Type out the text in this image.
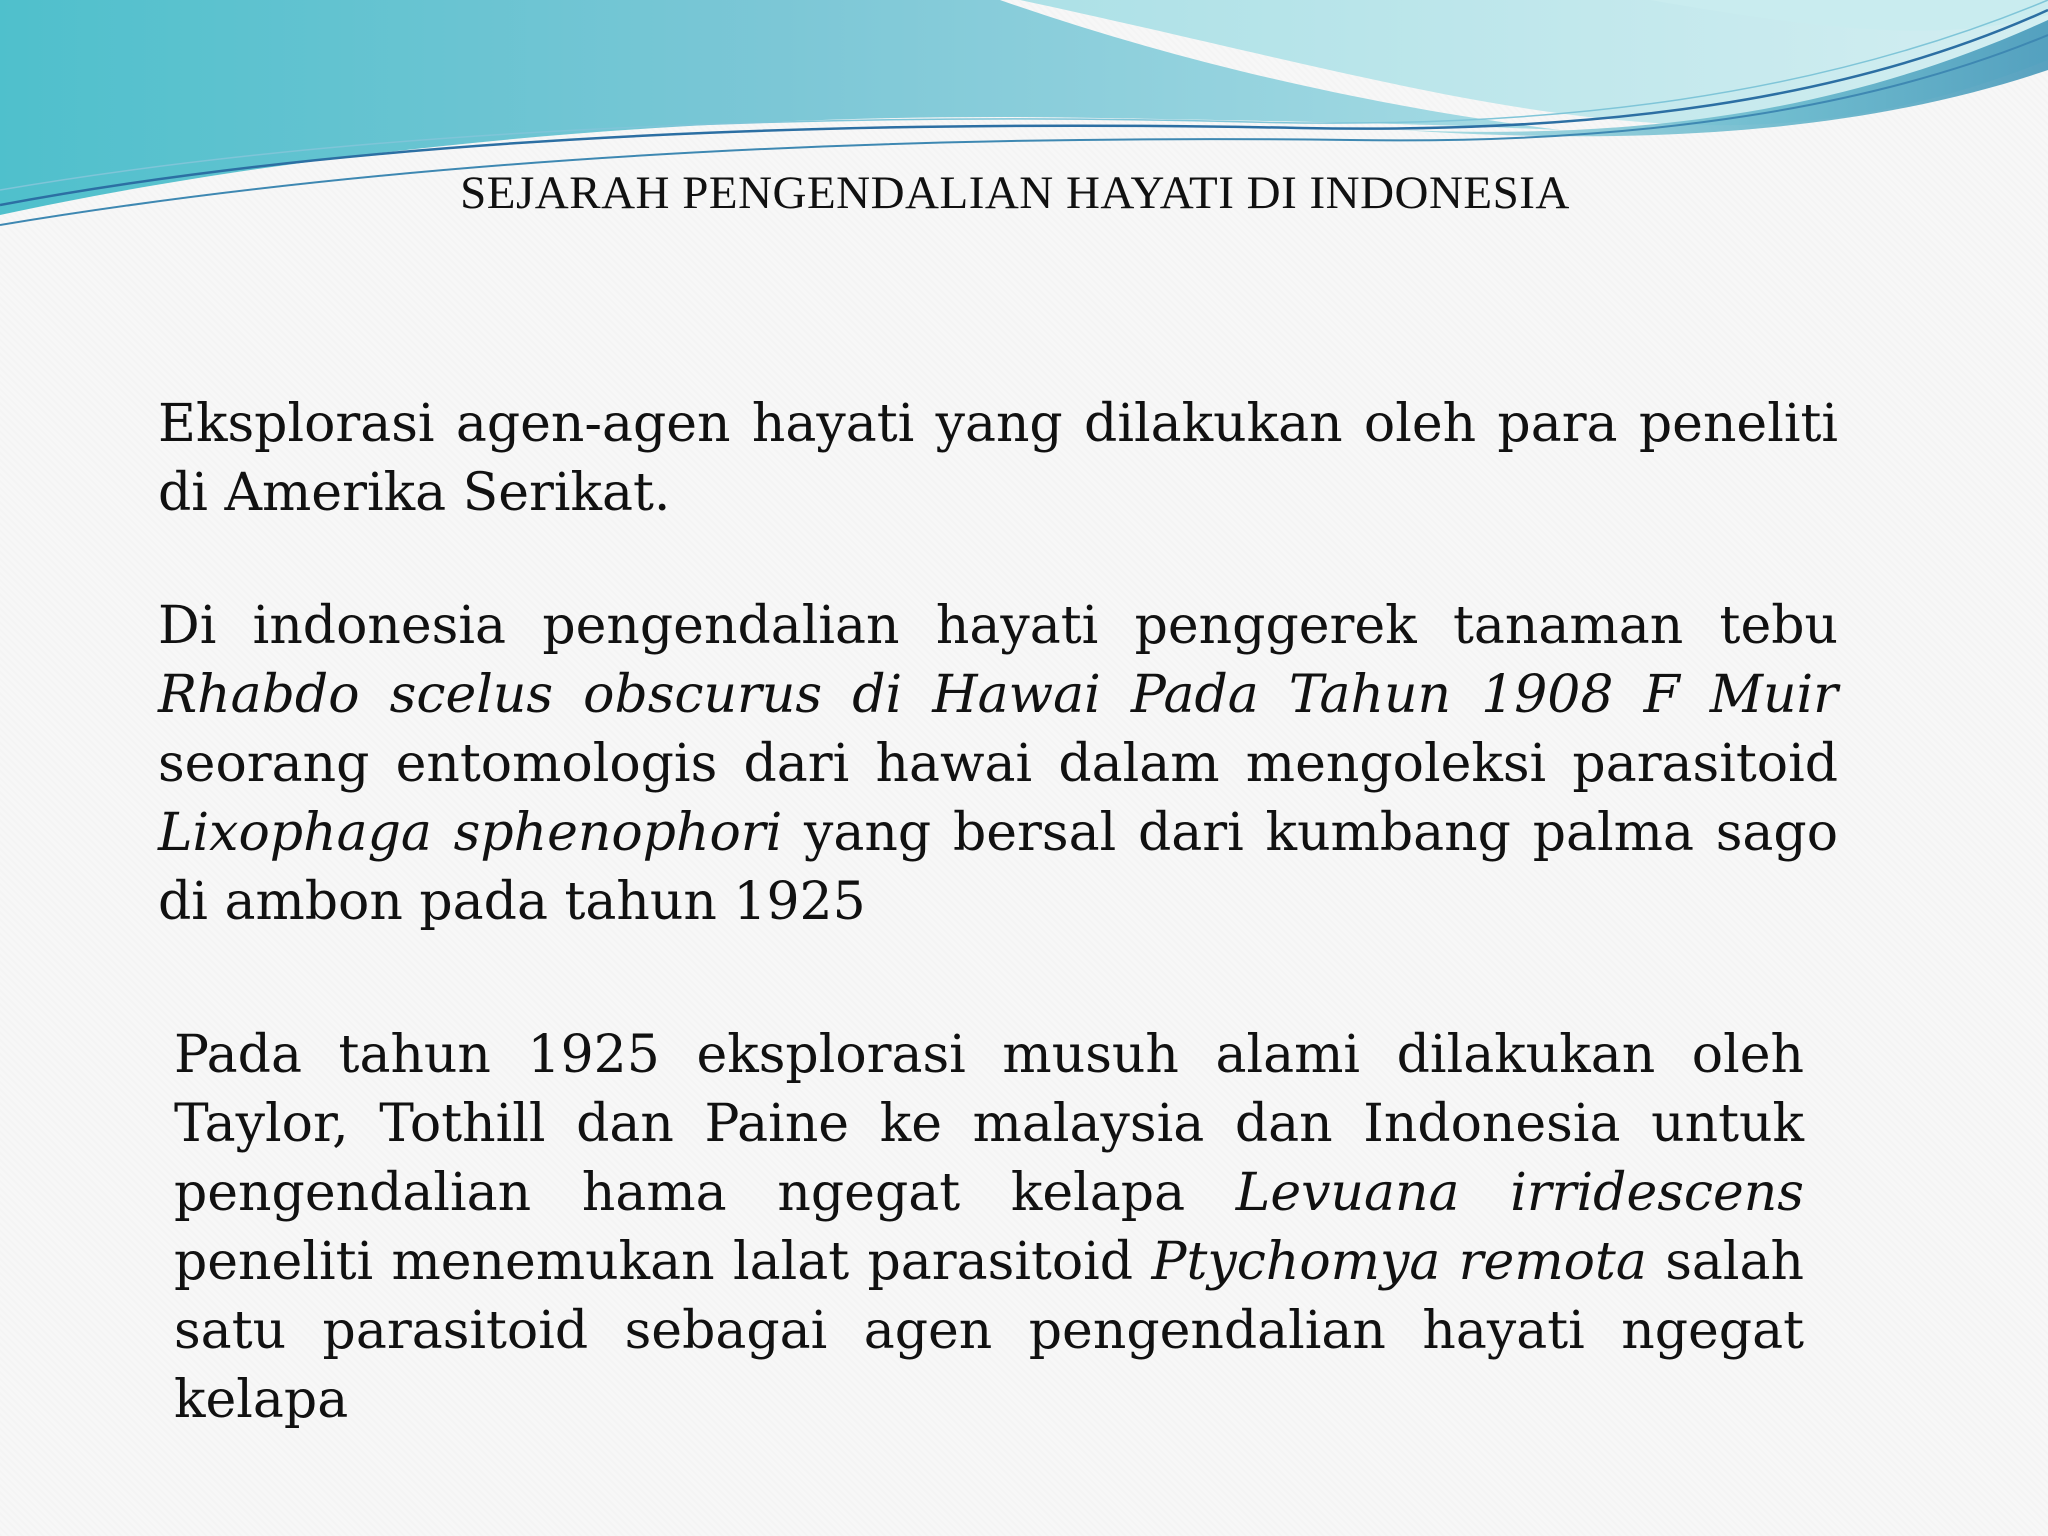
SEJARAH PENGENDALIAN HAYATI DI INDONESIA

Eksplorasi agen-agen hayati yang dilakukan oleh para peneliti di Amerika Serikat.

Di indonesia pengendalian hayati penggerek tanaman tebu Rhabdo scelus obscurus di Hawai Pada Tahun 1908 F Muir seorang entomologis dari hawai dalam mengoleksi parasitoid Lixophaga sphenophori yang bersal dari kumbang palma sago di ambon pada tahun 1925

Pada tahun 1925 eksplorasi musuh alami dilakukan oleh Taylor, Tothill dan Paine ke malaysia dan Indonesia untuk pengendalian hama ngegat kelapa Levuana irridescens peneliti menemukan lalat parasitoid Ptychomya remota salah satu parasitoid sebagai agen pengendalian hayati ngegat kelapa
